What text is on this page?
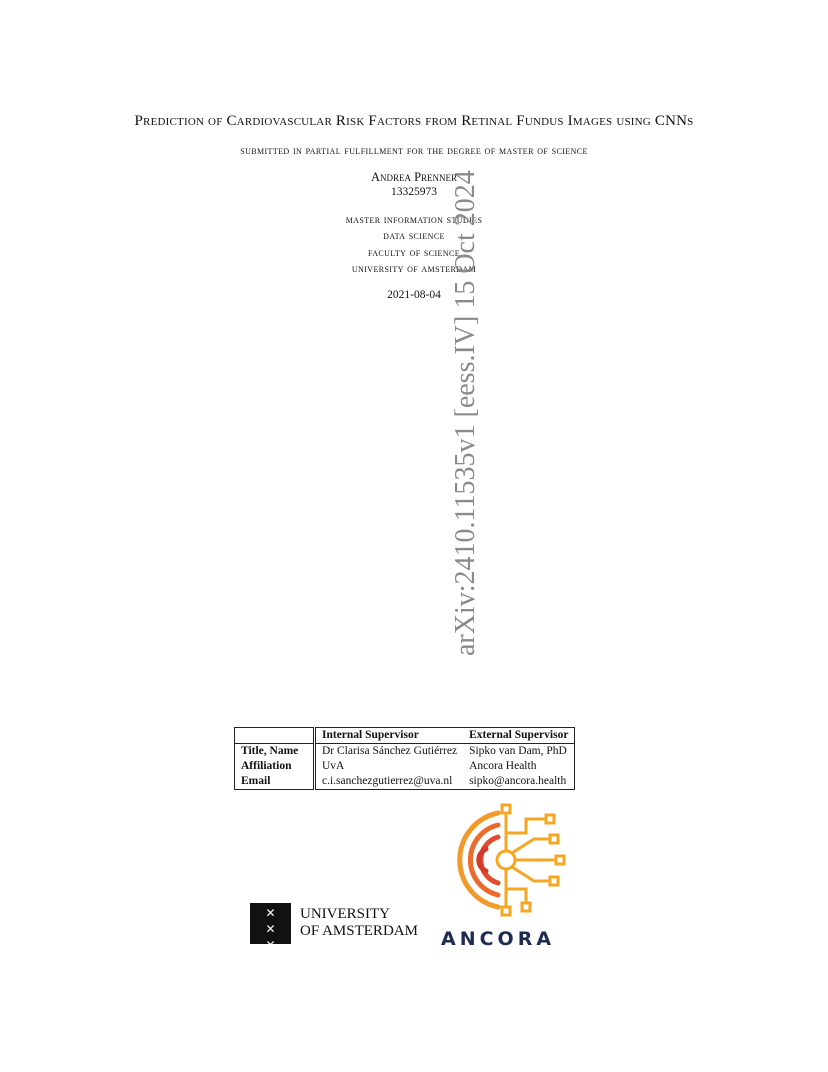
Prediction of Cardiovascular Risk Factors from Retinal Fundus Images using CNNs
submitted in partial fulfillment for the degree of master of science
Andrea Prenner
13325973
master information studies
data science
faculty of science
university of amsterdam
2021-08-04 arXiv:2410.11535v1 [eess.IV] 15 Oct 2024
	Internal Supervisor	External Supervisor
Title, Name	Dr Clarisa Sánchez Gutiérrez	Sipko van Dam, PhD
Affiliation	UvA	Ancora Health
Email	c.i.sanchezgutierrez@uva.nl	sipko@ancora.health
ANCORA
✕
✕
✕
UNIVERSITY
OF AMSTERDAM
